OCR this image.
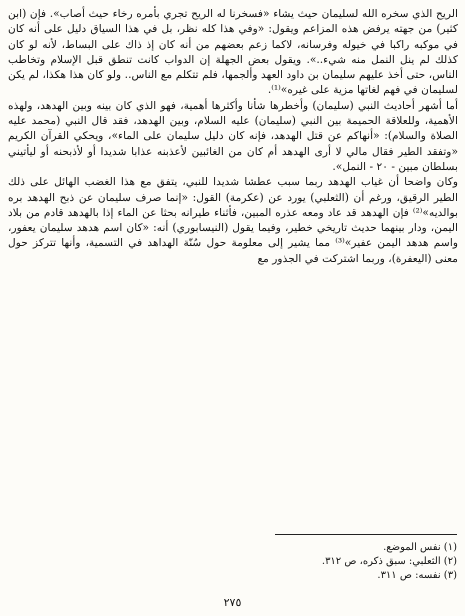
الريح الذي سخره الله لسليمان حيث يشاء «فسخرنا له الريح تجري بأمره رخاء حيث أصاب». فإن (ابن كثير) من جهته يرفض هذه المزاعم ويقول: «وفي هذا كله نظر، بل في هذا السياق دليل على أنه كان في موكبه راكبا في خيوله وفرسانه، لاكما زعم بعضهم من أنه كان إذ ذاك على البساط، لأنه لو كان كذلك لم ينل النمل منه شيء..». ويقول بعض الجهلة إن الدواب كانت تنطق قبل الإسلام وتخاطب الناس، حتى أخذ عليهم سليمان بن داود العهد وألجمها، فلم تتكلم مع الناس.. ولو كان هذا هكذا، لم يكن لسليمان في فهم لغاتها مزية على غيره»⁽¹⁾.

أما أشهر أحاديث النبي (سليمان) وأخطرها شأنا وأكثرها أهمية، فهو الذي كان بينه وبين الهدهد، ولهذه الأهمية، وللعلاقة الحميمة بين النبي (سليمان) عليه السلام، وبين الهدهد، فقد قال النبي (محمد عليه الصلاة والسلام): «أنهاكم عن قتل الهدهد، فإنه كان دليل سليمان على الماء»، ويحكي القرآن الكريم «وتفقد الطير فقال مالي لا أرى الهدهد أم كان من الغائبين لأعذبنه عذابا شديدا أو لأذبحنه أو ليأتيني بسلطان مبين - ٢٠ - النمل».

وكان واضحا أن غياب الهدهد ربما سبب عطشا شديدا للنبي، يتفق مع هذا الغضب الهائل على ذلك الطير الرقيق، ورغم أن (الثعلبي) يورد عن (عكرمة) القول: «إنما صرف سليمان عن ذبح الهدهد بره بوالديه»⁽²⁾ فإن الهدهد قد عاد ومعه عذره المبين، فأثناء طيرانه بحثا عن الماء إذا بالهدهد قادم من بلاد اليمن، ودار بينهما حديث تاريخي خطير، وفيما يقول (النيسابوري) أنه: «كان اسم هدهد سليمان يعفور، واسم هدهد اليمن عفير»⁽³⁾ مما يشير إلى معلومة حول سُنّة الهداهد في التسمية، وأنها تتركز حول معنى (اليعفرة)، وربما اشتركت في الجذور مع

(١) نفس الموضع.

(٢) الثعلبي: سبق ذكره، ص ٣١٢.

(٣) نفسه: ص ٣١١.

٢٧٥
